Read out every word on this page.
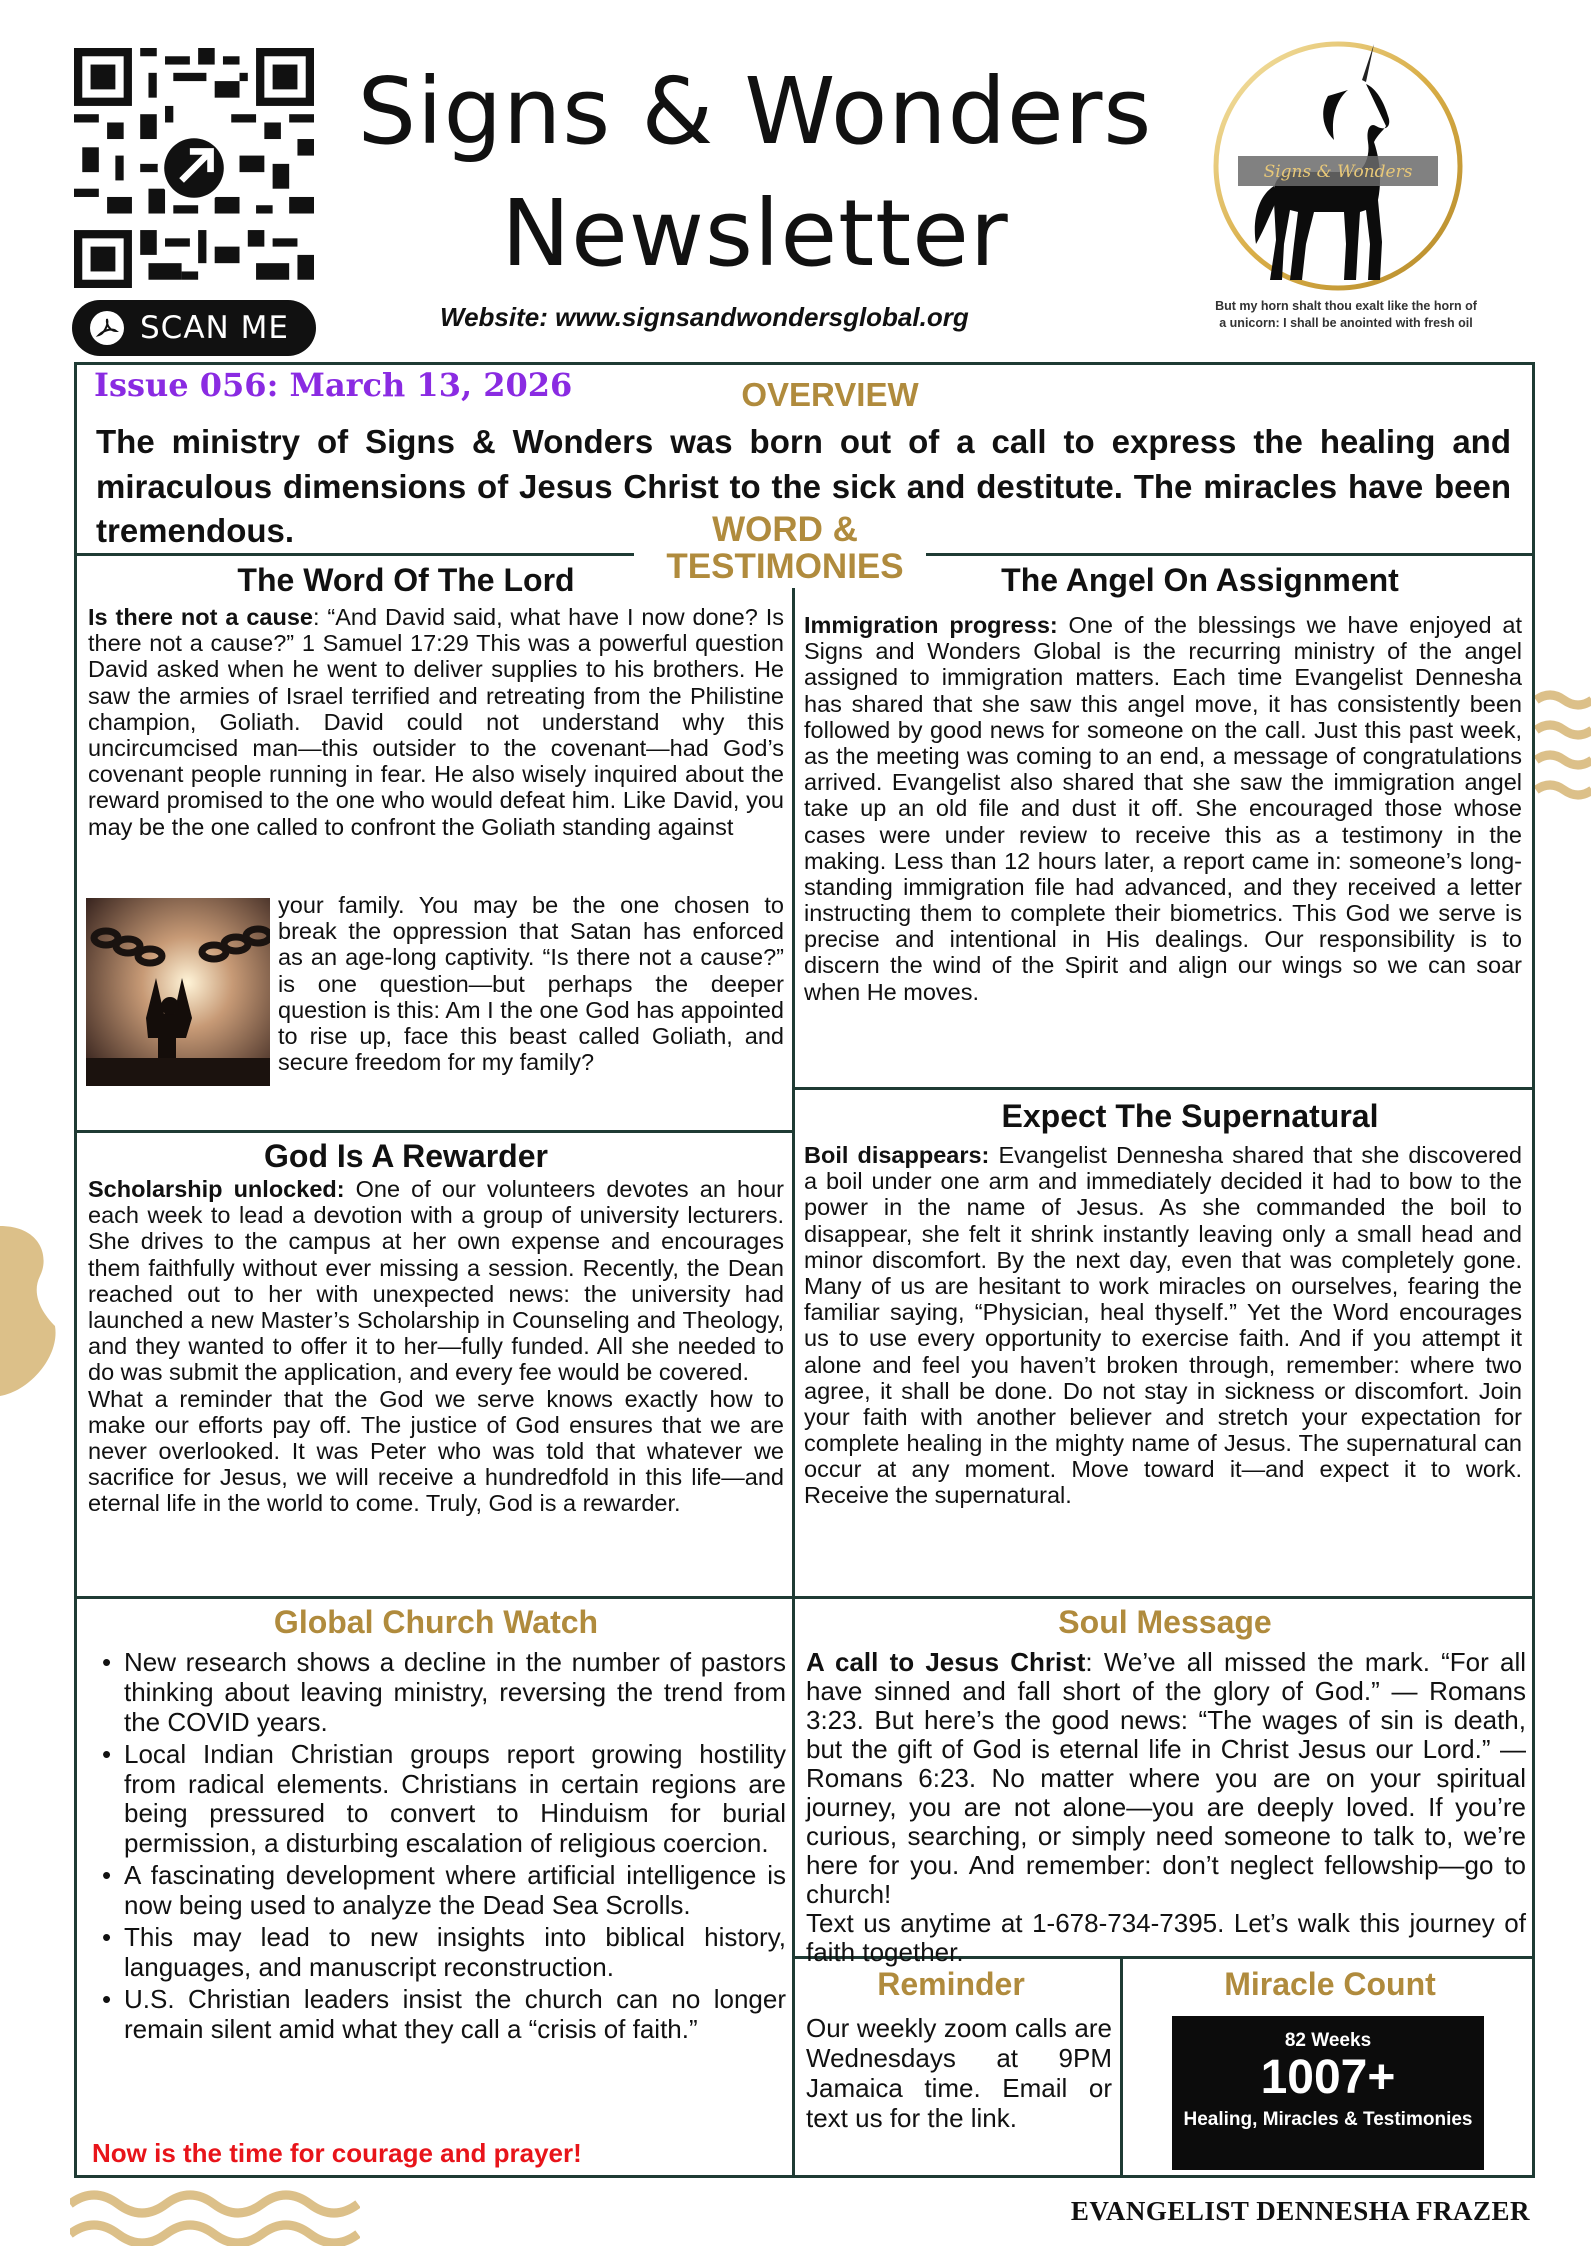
SCAN ME
Signs & Wonders
Newsletter
Website: www.signsandwondersglobal.org
Signs & Wonders
But my horn shalt thou exalt like the horn of a unicorn: I shall be anointed with fresh oil
Issue 056: March 13, 2026	OVERVIEW
The ministry of Signs & Wonders was born out of a call to express the healing and miraculous dimensions of Jesus Christ to the sick and destitute. The miracles have been tremendous.	WORD &
TESTIMONIES
The Word Of The Lord
Is there not a cause: “And David said, what have I now done? Is there not a cause?” 1 Samuel 17:29 This was a powerful question David asked when he went to deliver supplies to his brothers. He saw the armies of Israel terrified and retreating from the Philistine champion, Goliath. David could not understand why this uncircumcised man—this outsider to the covenant—had God’s covenant people running in fear. He also wisely inquired about the reward promised to the one who would defeat him. Like David, you may be the one called to confront the Goliath standing against
your family. You may be the one chosen to break the oppression that Satan has enforced as an age-long captivity. “Is there not a cause?” is one question—but perhaps the deeper question is this: Am I the one God has appointed to rise up, face this beast called Goliath, and secure freedom for my family?
The Angel On Assignment
Immigration progress: One of the blessings we have enjoyed at Signs and Wonders Global is the recurring ministry of the angel assigned to immigration matters. Each time Evangelist Dennesha has shared that she saw this angel move, it has consistently been followed by good news for someone on the call. Just this past week, as the meeting was coming to an end, a message of congratulations arrived. Evangelist also shared that she saw the immigration angel take up an old file and dust it off. She encouraged those whose cases were under review to receive this as a testimony in the making. Less than 12 hours later, a report came in: someone’s long-standing immigration file had advanced, and they received a letter instructing them to complete their biometrics. This God we serve is precise and intentional in His dealings. Our responsibility is to discern the wind of the Spirit and align our wings so we can soar when He moves.
God Is A Rewarder
Scholarship unlocked: One of our volunteers devotes an hour each week to lead a devotion with a group of university lecturers. She drives to the campus at her own expense and encourages them faithfully without ever missing a session. Recently, the Dean reached out to her with unexpected news: the university had launched a new Master’s Scholarship in Counseling and Theology, and they wanted to offer it to her—fully funded. All she needed to do was submit the application, and every fee would be covered.
What a reminder that the God we serve knows exactly how to make our efforts pay off. The justice of God ensures that we are never overlooked. It was Peter who was told that whatever we sacrifice for Jesus, we will receive a hundredfold in this life—and eternal life in the world to come. Truly, God is a rewarder.
Expect The Supernatural
Boil disappears: Evangelist Dennesha shared that she discovered a boil under one arm and immediately decided it had to bow to the power in the name of Jesus. As she commanded the boil to disappear, she felt it shrink instantly leaving only a small head and minor discomfort. By the next day, even that was completely gone. Many of us are hesitant to work miracles on ourselves, fearing the familiar saying, “Physician, heal thyself.” Yet the Word encourages us to use every opportunity to exercise faith. And if you attempt it alone and feel you haven’t broken through, remember: where two agree, it shall be done. Do not stay in sickness or discomfort. Join your faith with another believer and stretch your expectation for complete healing in the mighty name of Jesus. The supernatural can occur at any moment. Move toward it—and expect it to work. Receive the supernatural.
Global Church Watch
• New research shows a decline in the number of pastors thinking about leaving ministry, reversing the trend from the COVID years.
• Local Indian Christian groups report growing hostility from radical elements. Christians in certain regions are being pressured to convert to Hinduism for burial permission, a disturbing escalation of religious coercion.
• A fascinating development where artificial intelligence is now being used to analyze the Dead Sea Scrolls.
• This may lead to new insights into biblical history, languages, and manuscript reconstruction.
• U.S. Christian leaders insist the church can no longer remain silent amid what they call a “crisis of faith.”
Now is the time for courage and prayer!
Soul Message
A call to Jesus Christ: We’ve all missed the mark. “For all have sinned and fall short of the glory of God.” — Romans 3:23. But here’s the good news: “The wages of sin is death, but the gift of God is eternal life in Christ Jesus our Lord.” — Romans 6:23. No matter where you are on your spiritual journey, you are not alone—you are deeply loved. If you’re curious, searching, or simply need someone to talk to, we’re here for you. And remember: don’t neglect fellowship—go to church!
Text us anytime at 1-678-734-7395. Let’s walk this journey of faith together.
Reminder
Our weekly zoom calls are Wednesdays at 9PM Jamaica time. Email or text us for the link.
Miracle Count
82 Weeks
1007+
Healing, Miracles & Testimonies
EVANGELIST DENNESHA FRAZER
